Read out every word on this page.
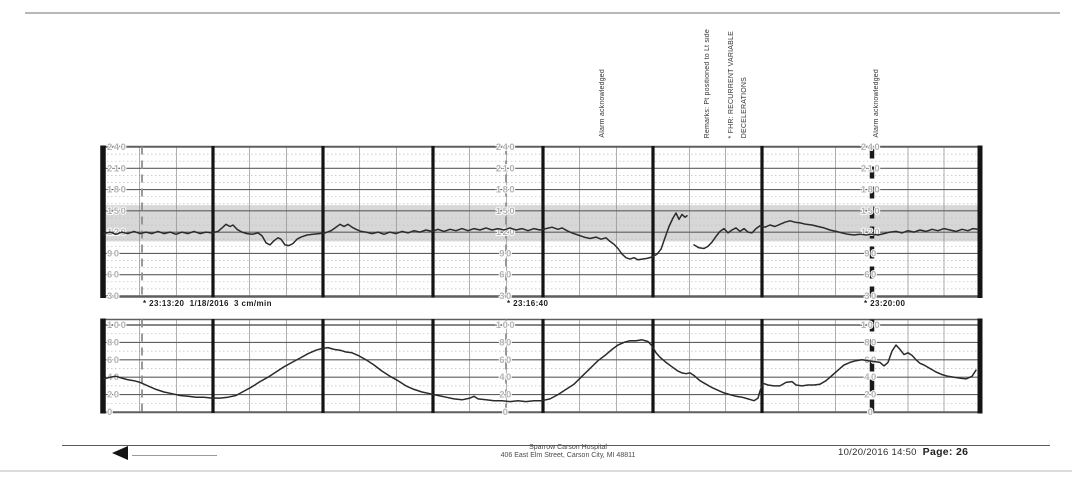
Alarm acknowledged	Remarks: Pt positioned to Lt side * FHR: RECURRENT VARIABLE DECELERATIONS	Alarm acknowledged
240
210
180
150
120
90
60
30
240
210
180
150
120
90
60
30
240
210
180
150
120
90
60
30
100
80
60
40
20
0
100
80
60
40
20
0
100
80
60
40
20
0
* 23:13:20  1/18/2016  3 cm/min	* 23:16:40	* 23:20:00
Sparrow Carson Hospital
406 East Elm Street, Carson City, MI 48811	10/20/2016 14:50  Page: 26
